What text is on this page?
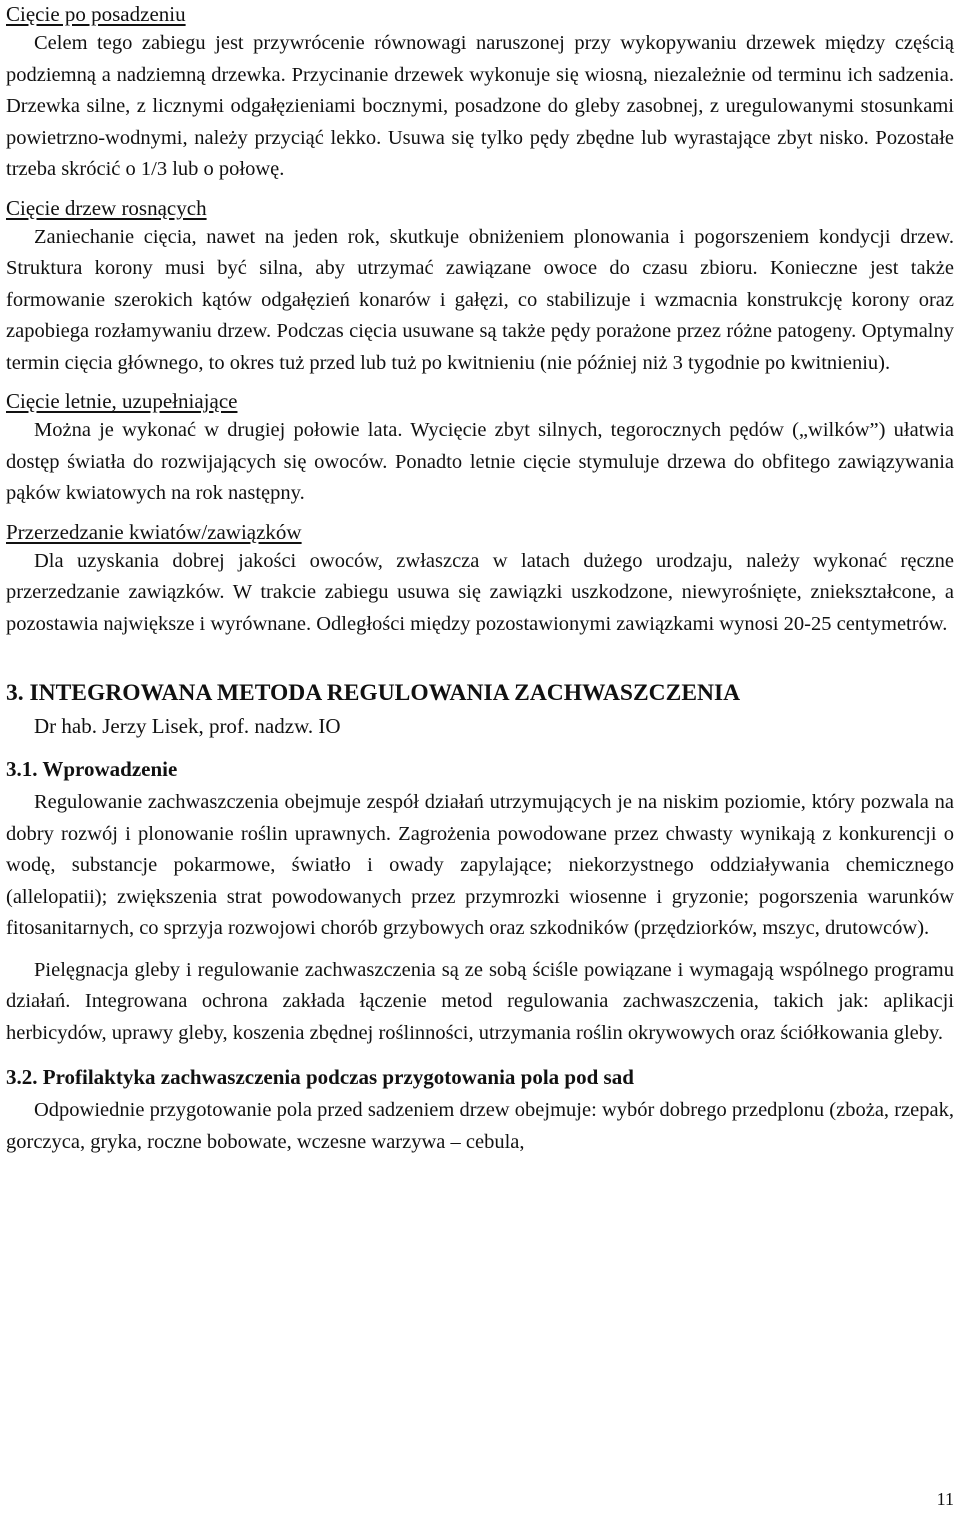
Cięcie po posadzeniu

Celem tego zabiegu jest przywrócenie równowagi naruszonej przy wykopywaniu drzewek między częścią podziemną a nadziemną drzewka. Przycinanie drzewek wykonuje się wiosną, niezależnie od terminu ich sadzenia. Drzewka silne, z licznymi odgałęzieniami bocznymi, posadzone do gleby zasobnej, z uregulowanymi stosunkami powietrzno-wodnymi, należy przyciąć lekko. Usuwa się tylko pędy zbędne lub wyrastające zbyt nisko. Pozostałe trzeba skrócić o 1/3 lub o połowę.

Cięcie drzew rosnących

Zaniechanie cięcia, nawet na jeden rok, skutkuje obniżeniem plonowania i pogorszeniem kondycji drzew. Struktura korony musi być silna, aby utrzymać zawiązane owoce do czasu zbioru. Konieczne jest także formowanie szerokich kątów odgałęzień konarów i gałęzi, co stabilizuje i wzmacnia konstrukcję korony oraz zapobiega rozłamywaniu drzew. Podczas cięcia usuwane są także pędy porażone przez różne patogeny. Optymalny termin cięcia głównego, to okres tuż przed lub tuż po kwitnieniu (nie później niż 3 tygodnie po kwitnieniu).

Cięcie letnie, uzupełniające

Można je wykonać w drugiej połowie lata. Wycięcie zbyt silnych, tegorocznych pędów („wilków”) ułatwia dostęp światła do rozwijających się owoców. Ponadto letnie cięcie stymuluje drzewa do obfitego zawiązywania pąków kwiatowych na rok następny.

Przerzedzanie kwiatów/zawiązków

Dla uzyskania dobrej jakości owoców, zwłaszcza w latach dużego urodzaju, należy wykonać ręczne przerzedzanie zawiązków. W trakcie zabiegu usuwa się zawiązki uszkodzone, niewyrośnięte, zniekształcone, a pozostawia największe i wyrównane. Odległości między pozostawionymi zawiązkami wynosi 20-25 centymetrów.

3. INTEGROWANA METODA REGULOWANIA ZACHWASZCZENIA

Dr hab. Jerzy Lisek, prof. nadzw. IO

3.1. Wprowadzenie

Regulowanie zachwaszczenia obejmuje zespół działań utrzymujących je na niskim poziomie, który pozwala na dobry rozwój i plonowanie roślin uprawnych. Zagrożenia powodowane przez chwasty wynikają z konkurencji o wodę, substancje pokarmowe, światło i owady zapylające; niekorzystnego oddziaływania chemicznego (allelopatii); zwiększenia strat powodowanych przez przymrozki wiosenne i gryzonie; pogorszenia warunków fitosanitarnych, co sprzyja rozwojowi chorób grzybowych oraz szkodników (przędziorków, mszyc, drutowców).

Pielęgnacja gleby i regulowanie zachwaszczenia są ze sobą ściśle powiązane i wymagają wspólnego programu działań. Integrowana ochrona zakłada łączenie metod regulowania zachwaszczenia, takich jak: aplikacji herbicydów, uprawy gleby, koszenia zbędnej roślinności, utrzymania roślin okrywowych oraz ściółkowania gleby.

3.2. Profilaktyka zachwaszczenia podczas przygotowania pola pod sad

Odpowiednie przygotowanie pola przed sadzeniem drzew obejmuje: wybór dobrego przedplonu (zboża, rzepak, gorczyca, gryka, roczne bobowate, wczesne warzywa – cebula,

11
